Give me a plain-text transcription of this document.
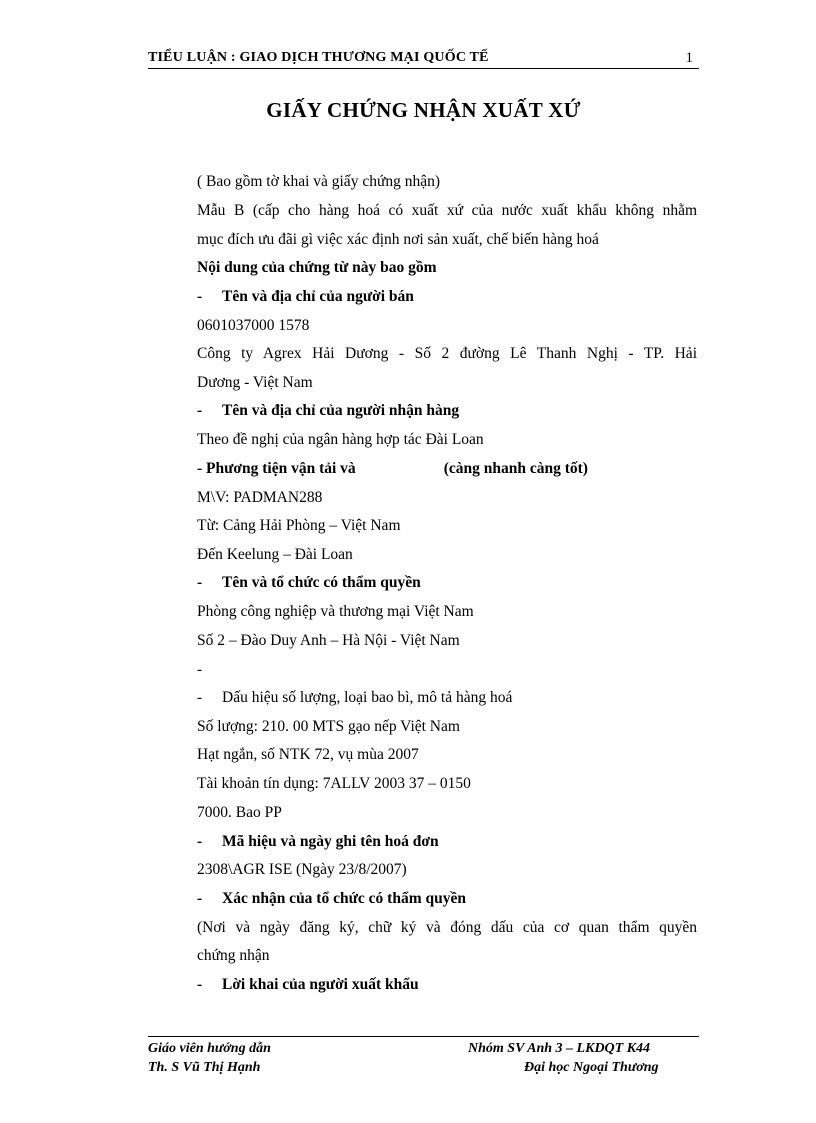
TIỂU LUẬN : GIAO DỊCH THƯƠNG MẠI QUỐC TẾ	1
GIẤY CHỨNG NHẬN XUẤT XỨ
( Bao gồm tờ khai và giấy chứng nhận)
Mẫu B (cấp cho hàng hoá có xuất xứ của nước xuất khẩu không nhằm
mục đích ưu đãi gì việc xác định nơi sản xuất, chế biến hàng hoá
Nội dung của chứng từ này bao gồm
- Tên và địa chỉ của người bán
0601037000 1578
Công ty Agrex Hải Dương - Số 2 đường Lê Thanh Nghị - TP. Hải
Dương - Việt Nam
- Tên và địa chỉ của người nhận hàng
Theo đề nghị của ngân hàng hợp tác Đài Loan
- Phương tiện vận tải và	(càng nhanh càng tốt)
M\V: PADMAN288
Từ: Cảng Hải Phòng – Việt Nam
Đến Keelung – Đài Loan
- Tên và tổ chức có thẩm quyền
Phòng công nghiệp và thương mại Việt Nam
Số 2 – Đào Duy Anh – Hà Nội - Việt Nam
-
- Dấu hiệu số lượng, loại bao bì, mô tả hàng hoá
Số lượng: 210. 00 MTS gạo nếp Việt Nam
Hạt ngắn, số NTK 72, vụ mùa 2007
Tài khoản tín dụng: 7ALLV 2003 37 – 0150
7000. Bao PP
- Mã hiệu và ngày ghi tên hoá đơn
2308\AGR ISE (Ngày 23/8/2007)
- Xác nhận của tổ chức có thẩm quyền
(Nơi và ngày đăng ký, chữ ký và đóng dấu của cơ quan thẩm quyền
chứng nhận
- Lời khai của người xuất khẩu
Giáo viên hướng dẫn	Nhóm SV Anh 3 – LKDQT K44
Th. S Vũ Thị Hạnh	Đại học Ngoại Thương
